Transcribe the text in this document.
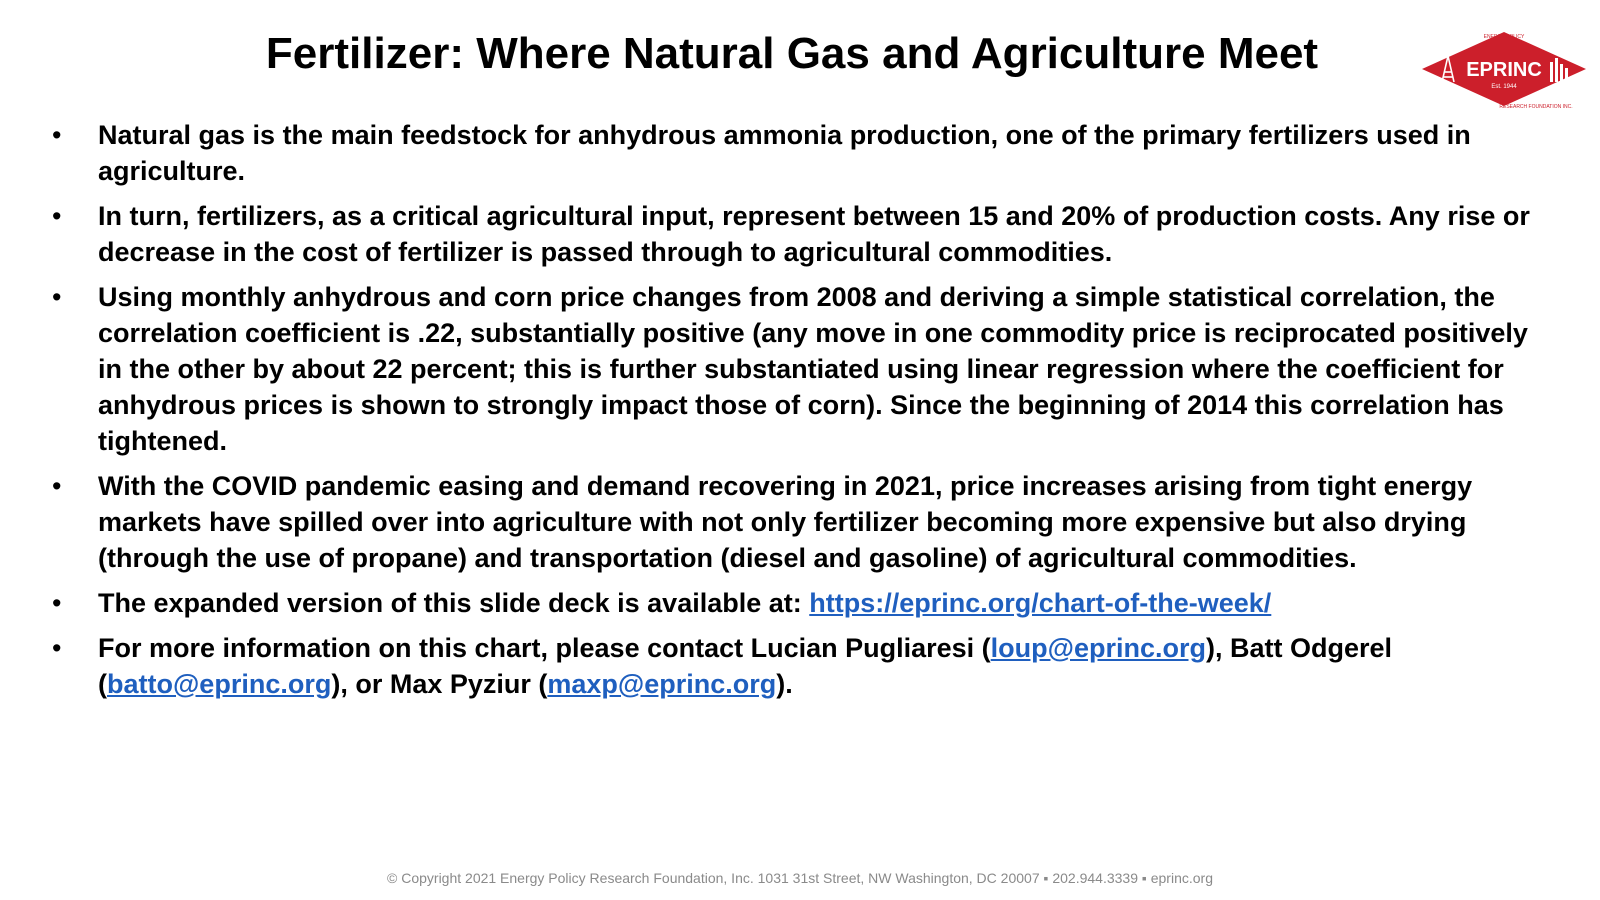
Fertilizer: Where Natural Gas and Agriculture Meet	EPRINC
Est. 1944
ENERGY POLICY
RESEARCH FOUNDATION INC.
• Natural gas is the main feedstock for anhydrous ammonia production, one of the primary fertilizers used in agriculture.
• In turn, fertilizers, as a critical agricultural input, represent between 15 and 20% of production costs. Any rise or decrease in the cost of fertilizer is passed through to agricultural commodities.
• Using monthly anhydrous and corn price changes from 2008 and deriving a simple statistical correlation, the correlation coefficient is .22, substantially positive (any move in one commodity price is reciprocated positively in the other by about 22 percent; this is further substantiated using linear regression where the coefficient for anhydrous prices is shown to strongly impact those of corn). Since the beginning of 2014 this correlation has tightened.
• With the COVID pandemic easing and demand recovering in 2021, price increases arising from tight energy markets have spilled over into agriculture with not only fertilizer becoming more expensive but also drying (through the use of propane) and transportation (diesel and gasoline) of agricultural commodities.
• The expanded version of this slide deck is available at: https://eprinc.org/chart-of-the-week/
• For more information on this chart, please contact Lucian Pugliaresi (loup@eprinc.org), Batt Odgerel (batto@eprinc.org), or Max Pyziur (maxp@eprinc.org).
© Copyright 2021 Energy Policy Research Foundation, Inc. 1031 31st Street, NW Washington, DC 20007 ▪ 202.944.3339 ▪ eprinc.org
